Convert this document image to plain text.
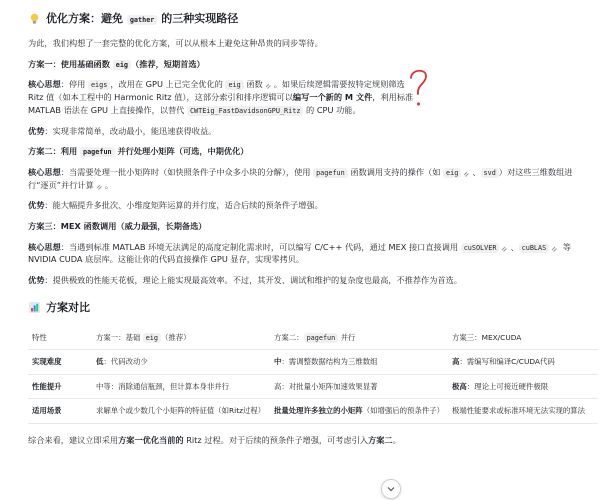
优化方案：避免 gather 的三种实现路径

为此，我们构想了一套完整的优化方案，可以从根本上避免这种昂贵的同步等待。

方案一：使用基础函数 eig （推荐，短期首选）

核心思想：停用 eigs ，改用在 GPU 上已完全优化的 eig 函数 。如果后续逻辑需要按特定规则筛选 Ritz 值（如本工程中的 Harmonic Ritz 值），这部分索引和排序逻辑可以编写一个新的 M 文件，利用标准 MATLAB 语法在 GPU 上直接操作，以替代 CWTEig_FastDavidsonGPU_Ritz 的 CPU 功能。

优势：实现非常简单，改动最小，能迅速获得收益。

方案二：利用 pagefun 并行处理小矩阵（可选，中期优化）

核心思想：当需要处理一批小矩阵时（如快照条件子中众多小块的分解），使用 pagefun 函数调用支持的操作（如 eig 、 svd ）对这些三维数组进行“逐页”并行计算 。

优势：能大幅提升多批次、小维度矩阵运算的并行度，适合后续的预条件子增强。

方案三：MEX 函数调用（威力最强，长期备选）

核心思想：当遇到标准 MATLAB 环境无法满足的高度定制化需求时，可以编写 C/C++ 代码，通过 MEX 接口直接调用 cuSOLVER 、 cuBLAS 等 NVIDIA CUDA 底层库。这能让你的代码直接操作 GPU 显存，实现零拷贝。

优势：提供极致的性能天花板，理论上能实现最高效率。不过，其开发、调试和维护的复杂度也最高，不推荐作为首选。

方案对比
特性	方案一：基础 eig （推荐）	方案二： pagefun 并行	方案三：MEX/CUDA
实现难度	低：代码改动少	中：需调整数据结构为三维数组	高：需编写和编译C/CUDA代码
性能提升	中等：消除通信瓶颈，但计算本身非并行	高：对批量小矩阵加速效果显著	极高：理论上可接近硬件极限
适用场景	求解单个或少数几个小矩阵的特征值（如Ritz过程）	批量处理许多独立的小矩阵（如增强后的预条件子）	极端性能要求或标准环境无法实现的算法

综合来看，建议立即采用方案一优化当前的 Ritz 过程。对于后续的预条件子增强，可考虑引入方案二。
